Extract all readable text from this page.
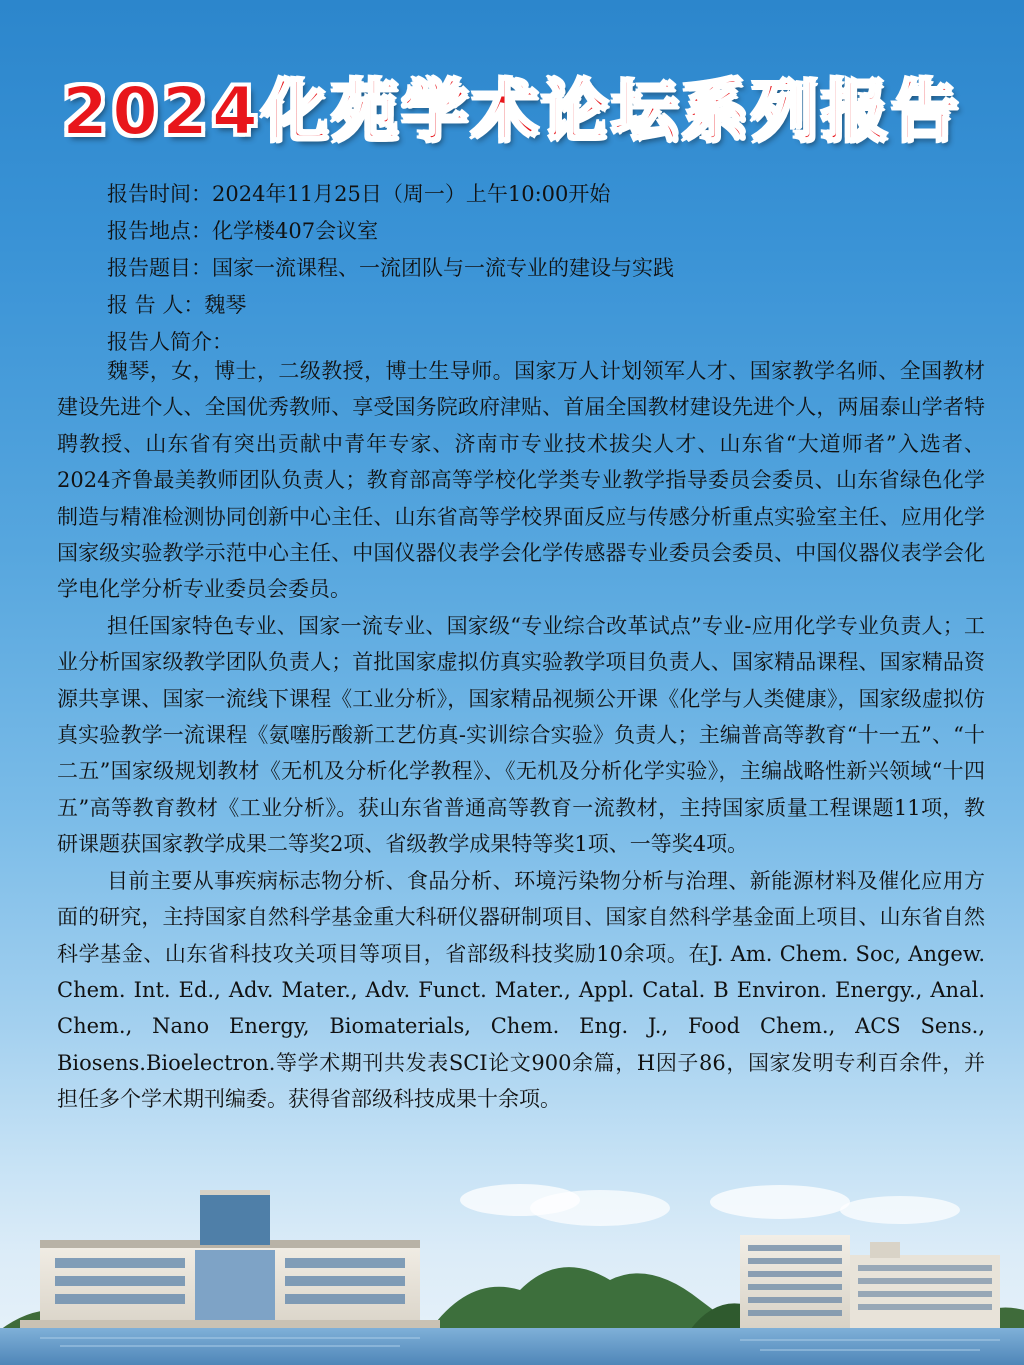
2024化苑学术论坛系列报告
报告时间：2024年11月25日（周一）上午10:00开始
报告地点：化学楼407会议室
报告题目：国家一流课程、一流团队与一流专业的建设与实践
报 告 人：魏琴
报告人简介：

魏琴，女，博士，二级教授，博士生导师。国家万人计划领军人才、国家教学名师、全国教材建设先进个人、全国优秀教师、享受国务院政府津贴、首届全国教材建设先进个人，两届泰山学者特聘教授、山东省有突出贡献中青年专家、济南市专业技术拔尖人才、山东省“大道师者”入选者、2024齐鲁最美教师团队负责人；教育部高等学校化学类专业教学指导委员会委员、山东省绿色化学制造与精准检测协同创新中心主任、山东省高等学校界面反应与传感分析重点实验室主任、应用化学国家级实验教学示范中心主任、中国仪器仪表学会化学传感器专业委员会委员、中国仪器仪表学会化学电化学分析专业委员会委员。

担任国家特色专业、国家一流专业、国家级“专业综合改革试点”专业-应用化学专业负责人；工业分析国家级教学团队负责人；首批国家虚拟仿真实验教学项目负责人、国家精品课程、国家精品资源共享课、国家一流线下课程《工业分析》，国家精品视频公开课《化学与人类健康》，国家级虚拟仿真实验教学一流课程《氨噻肟酸新工艺仿真-实训综合实验》负责人；主编普高等教育“十一五”、“十二五”国家级规划教材《无机及分析化学教程》、《无机及分析化学实验》，主编战略性新兴领域“十四五”高等教育教材《工业分析》。获山东省普通高等教育一流教材，主持国家质量工程课题11项，教研课题获国家教学成果二等奖2项、省级教学成果特等奖1项、一等奖4项。

目前主要从事疾病标志物分析、食品分析、环境污染物分析与治理、新能源材料及催化应用方面的研究，主持国家自然科学基金重大科研仪器研制项目、国家自然科学基金面上项目、山东省自然科学基金、山东省科技攻关项目等项目，省部级科技奖励10余项。在J. Am. Chem. Soc, Angew. Chem. Int. Ed., Adv. Mater., Adv. Funct. Mater., Appl. Catal. B Environ. Energy., Anal. Chem., Nano Energy, Biomaterials, Chem. Eng. J., Food Chem., ACS Sens., Biosens.Bioelectron.等学术期刊共发表SCI论文900余篇，H因子86，国家发明专利百余件，并担任多个学术期刊编委。获得省部级科技成果十余项。
